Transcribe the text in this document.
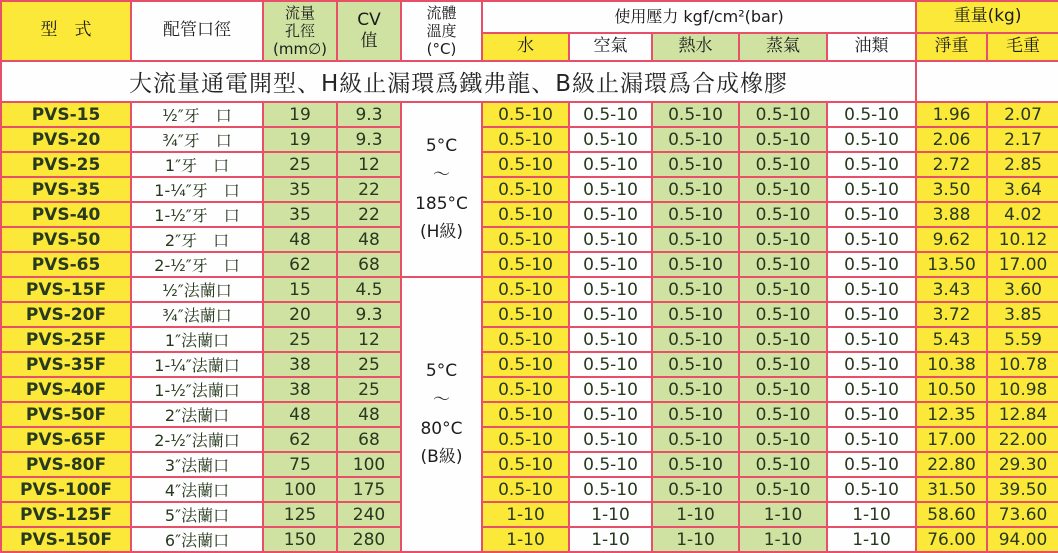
型　式	配管口徑	流量
孔徑
(mm∅)	CV
值	流體
溫度
(°C)	使用壓力 kgf/cm²(bar)					重量(kg)	
					水	空氣	熱水	蒸氣	油類	淨重	毛重
大流量通電開型、H級止漏環爲鐵弗龍、B級止漏環爲合成橡膠											
PVS-15	½″牙　口	19	9.3	5°C
～
185°C
(H級)	0.5-10	0.5-10	0.5-10	0.5-10	0.5-10	1.96	2.07
PVS-20	¾″牙　口	19	9.3		0.5-10	0.5-10	0.5-10	0.5-10	0.5-10	2.06	2.17
PVS-25	1″牙　口	25	12		0.5-10	0.5-10	0.5-10	0.5-10	0.5-10	2.72	2.85
PVS-35	1-¼″牙　口	35	22		0.5-10	0.5-10	0.5-10	0.5-10	0.5-10	3.50	3.64
PVS-40	1-½″牙　口	35	22		0.5-10	0.5-10	0.5-10	0.5-10	0.5-10	3.88	4.02
PVS-50	2″牙　口	48	48		0.5-10	0.5-10	0.5-10	0.5-10	0.5-10	9.62	10.12
PVS-65	2-½″牙　口	62	68		0.5-10	0.5-10	0.5-10	0.5-10	0.5-10	13.50	17.00
PVS-15F	½″法蘭口	15	4.5	5°C
～
80°C
(B級)	0.5-10	0.5-10	0.5-10	0.5-10	0.5-10	3.43	3.60
PVS-20F	¾″法蘭口	20	9.3		0.5-10	0.5-10	0.5-10	0.5-10	0.5-10	3.72	3.85
PVS-25F	1″法蘭口	25	12		0.5-10	0.5-10	0.5-10	0.5-10	0.5-10	5.43	5.59
PVS-35F	1-¼″法蘭口	38	25		0.5-10	0.5-10	0.5-10	0.5-10	0.5-10	10.38	10.78
PVS-40F	1-½″法蘭口	38	25		0.5-10	0.5-10	0.5-10	0.5-10	0.5-10	10.50	10.98
PVS-50F	2″法蘭口	48	48		0.5-10	0.5-10	0.5-10	0.5-10	0.5-10	12.35	12.84
PVS-65F	2-½″法蘭口	62	68		0.5-10	0.5-10	0.5-10	0.5-10	0.5-10	17.00	22.00
PVS-80F	3″法蘭口	75	100		0.5-10	0.5-10	0.5-10	0.5-10	0.5-10	22.80	29.30
PVS-100F	4″法蘭口	100	175		0.5-10	0.5-10	0.5-10	0.5-10	0.5-10	31.50	39.50
PVS-125F	5″法蘭口	125	240		1-10	1-10	1-10	1-10	1-10	58.60	73.60
PVS-150F	6″法蘭口	150	280		1-10	1-10	1-10	1-10	1-10	76.00	94.00
